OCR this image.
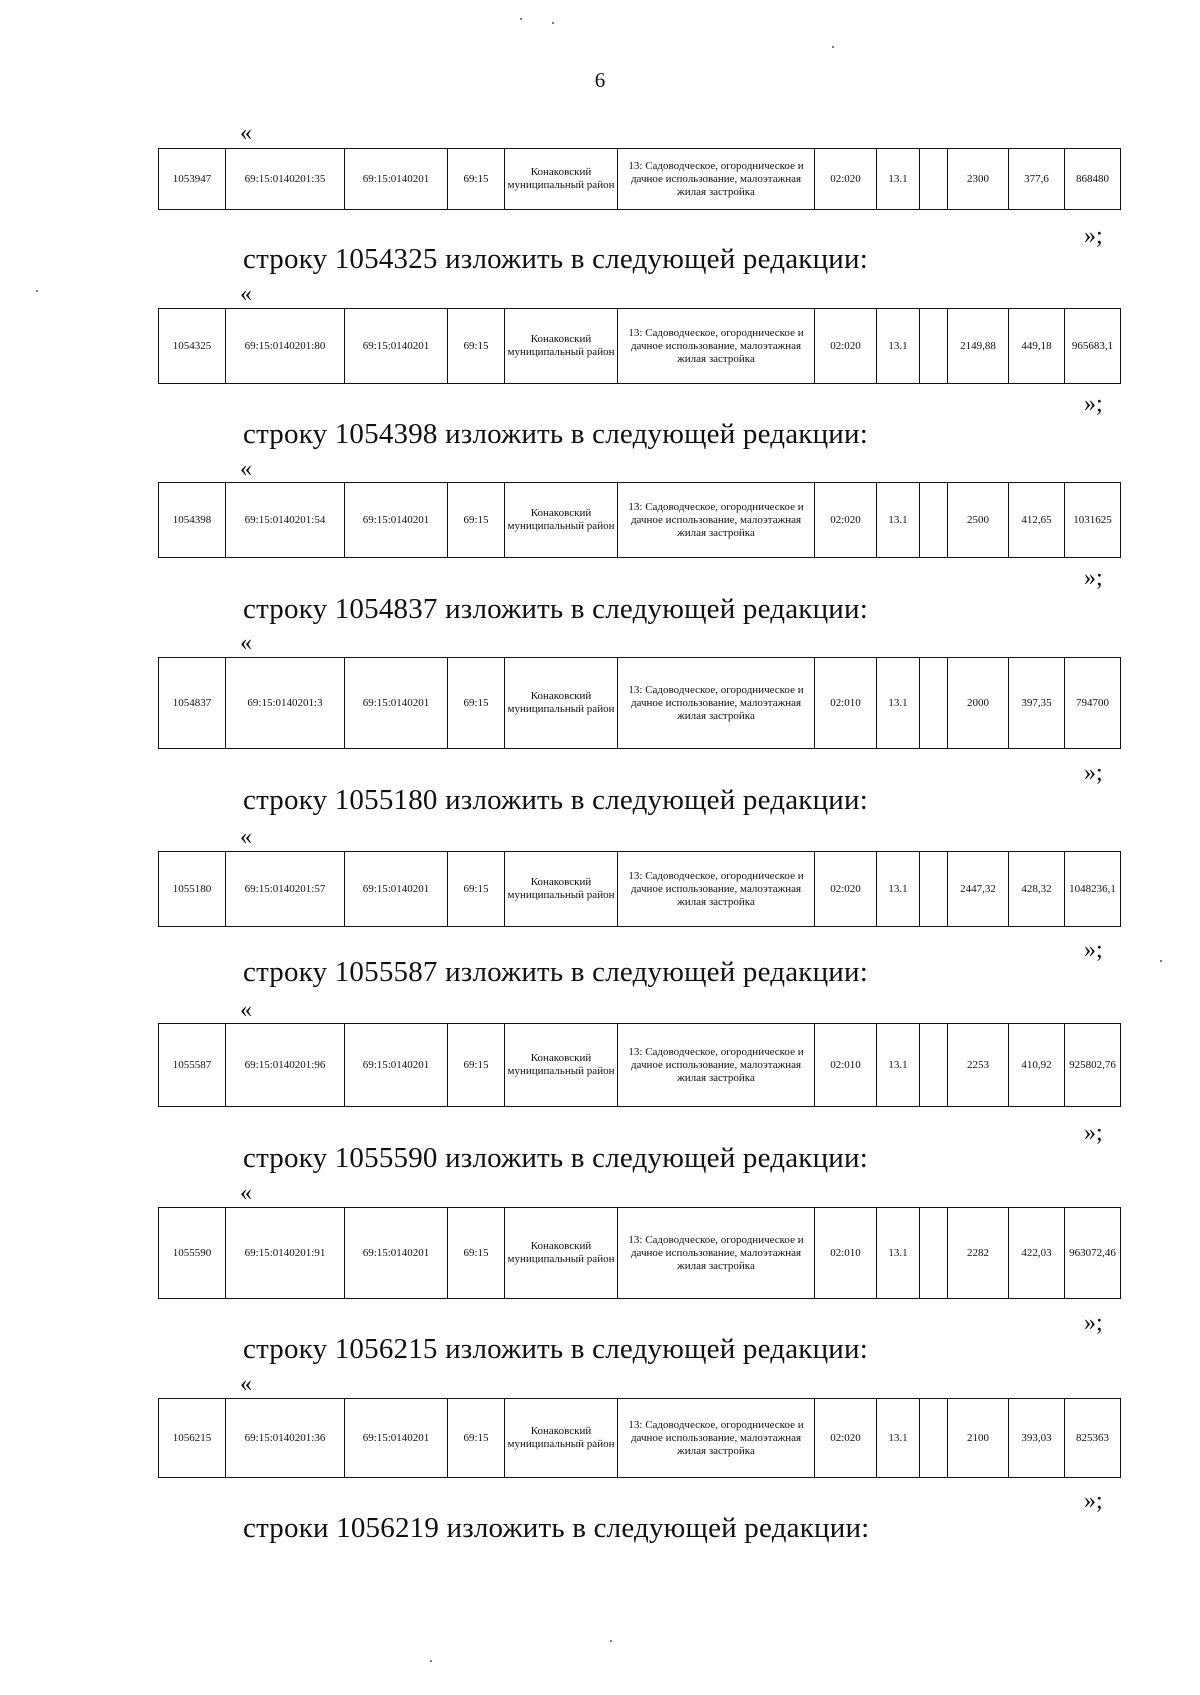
6
«
1053947	69:15:0140201:35	69:15:0140201	69:15	Конаковский муниципальный район	13: Садоводческое, огородническое и дачное использование, малоэтажная жилая застройка	02:020	13.1		2300	377,6	868480
»;
строку 1054325 изложить в следующей редакции:
«
1054325	69:15:0140201:80	69:15:0140201	69:15	Конаковский муниципальный район	13: Садоводческое, огородническое и дачное использование, малоэтажная жилая застройка	02:020	13.1		2149,88	449,18	965683,1
»;
строку 1054398 изложить в следующей редакции:
«
1054398	69:15:0140201:54	69:15:0140201	69:15	Конаковский муниципальный район	13: Садоводческое, огородническое и дачное использование, малоэтажная жилая застройка	02:020	13.1		2500	412,65	1031625
»;
строку 1054837 изложить в следующей редакции:
«
1054837	69:15:0140201:3	69:15:0140201	69:15	Конаковский муниципальный район	13: Садоводческое, огородническое и дачное использование, малоэтажная жилая застройка	02:010	13.1		2000	397,35	794700
»;
строку 1055180 изложить в следующей редакции:
«
1055180	69:15:0140201:57	69:15:0140201	69:15	Конаковский муниципальный район	13: Садоводческое, огородническое и дачное использование, малоэтажная жилая застройка	02:020	13.1		2447,32	428,32	1048236,1
»;
строку 1055587 изложить в следующей редакции:
«
1055587	69:15:0140201:96	69:15:0140201	69:15	Конаковский муниципальный район	13: Садоводческое, огородническое и дачное использование, малоэтажная жилая застройка	02:010	13.1		2253	410,92	925802,76
»;
строку 1055590 изложить в следующей редакции:
«
1055590	69:15:0140201:91	69:15:0140201	69:15	Конаковский муниципальный район	13: Садоводческое, огородническое и дачное использование, малоэтажная жилая застройка	02:010	13.1		2282	422,03	963072,46
»;
строку 1056215 изложить в следующей редакции:
«
1056215	69:15:0140201:36	69:15:0140201	69:15	Конаковский муниципальный район	13: Садоводческое, огородническое и дачное использование, малоэтажная жилая застройка	02:020	13.1		2100	393,03	825363
»;
строки 1056219 изложить в следующей редакции:
